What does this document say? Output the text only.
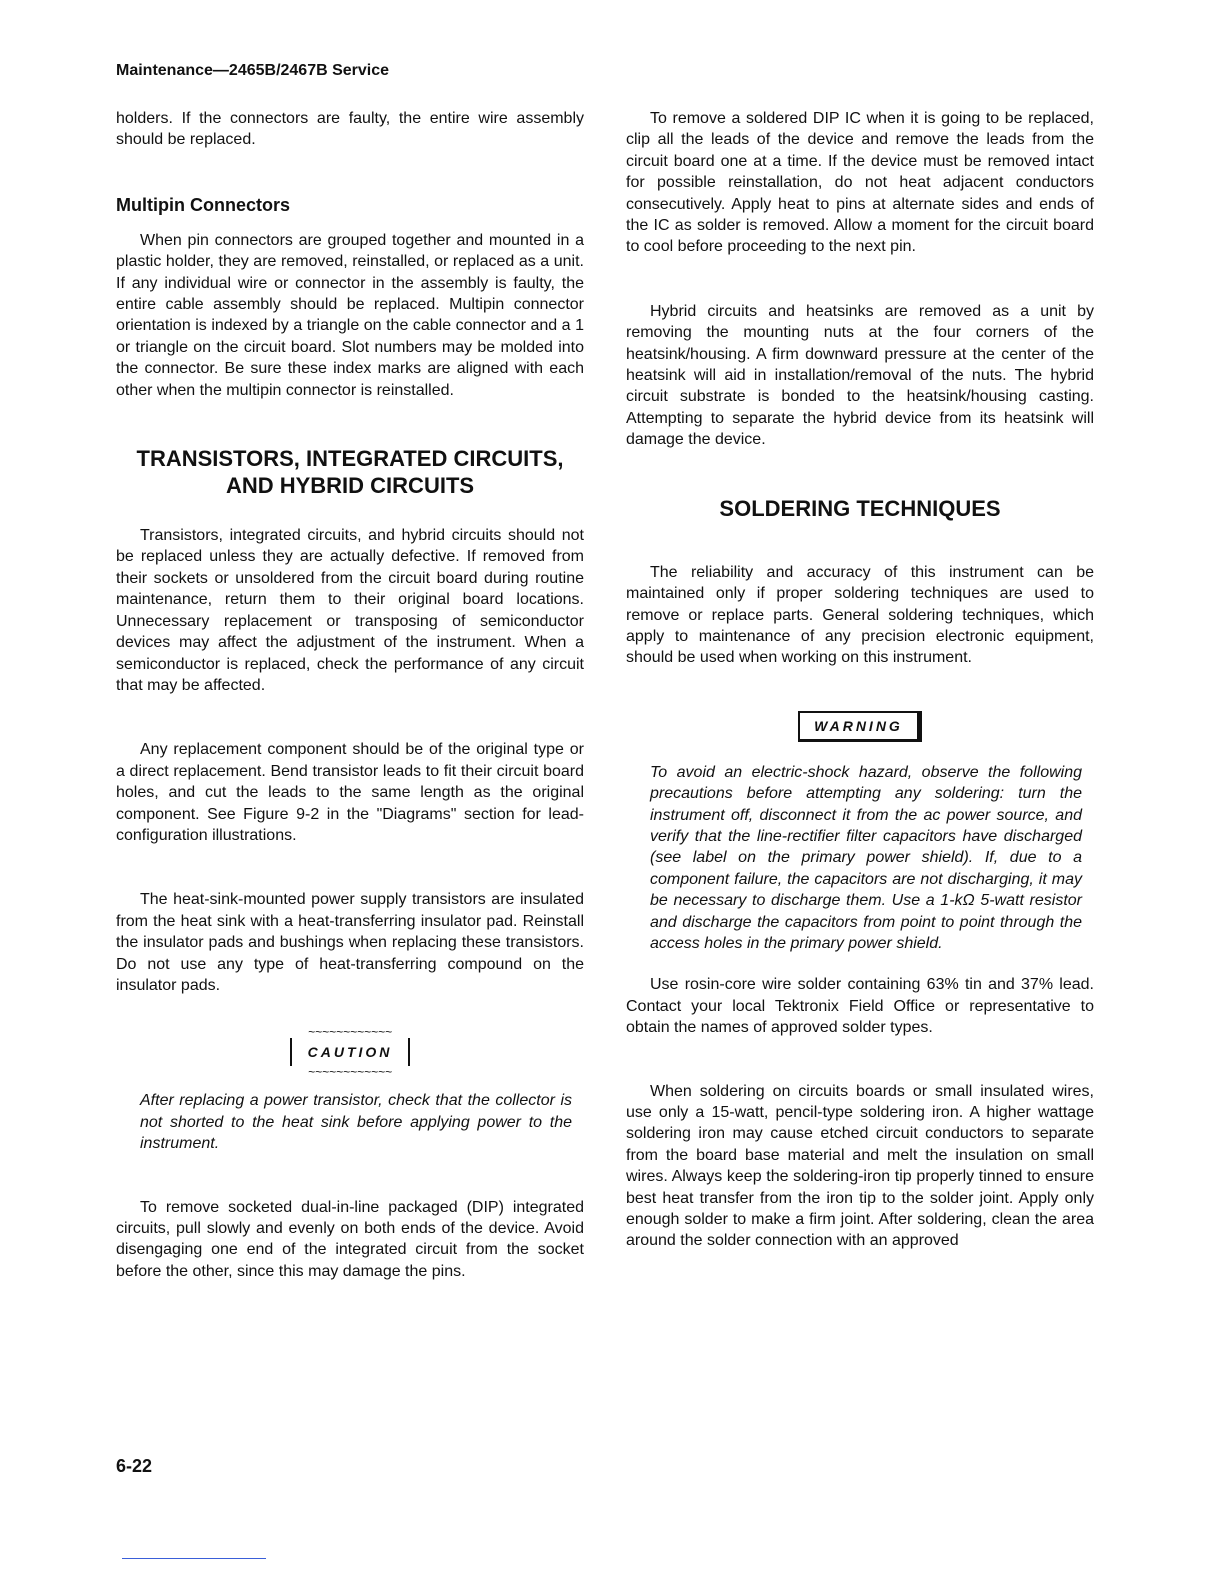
Maintenance—2465B/2467B Service

holders. If the connectors are faulty, the entire wire assembly should be replaced.

Multipin Connectors

When pin connectors are grouped together and mounted in a plastic holder, they are removed, reinstalled, or replaced as a unit. If any individual wire or connector in the assembly is faulty, the entire cable assembly should be replaced. Multipin connector orientation is indexed by a triangle on the cable connector and a 1 or triangle on the circuit board. Slot numbers may be molded into the connector. Be sure these index marks are aligned with each other when the multipin connector is reinstalled.

TRANSISTORS, INTEGRATED CIRCUITS,
AND HYBRID CIRCUITS

Transistors, integrated circuits, and hybrid circuits should not be replaced unless they are actually defective. If removed from their sockets or unsoldered from the circuit board during routine maintenance, return them to their original board locations. Unnecessary replacement or transposing of semiconductor devices may affect the adjustment of the instrument. When a semiconductor is replaced, check the performance of any circuit that may be affected.

Any replacement component should be of the original type or a direct replacement. Bend transistor leads to fit their circuit board holes, and cut the leads to the same length as the original component. See Figure 9-2 in the "Diagrams" section for lead-configuration illustrations.

The heat-sink-mounted power supply transistors are insulated from the heat sink with a heat-transferring insulator pad. Reinstall the insulator pads and bushings when replacing these transistors. Do not use any type of heat-transferring compound on the insulator pads.

~~~~~ CAUTION ~~~~~

After replacing a power transistor, check that the collector is not shorted to the heat sink before applying power to the instrument.

To remove socketed dual-in-line packaged (DIP) integrated circuits, pull slowly and evenly on both ends of the device. Avoid disengaging one end of the integrated circuit from the socket before the other, since this may damage the pins.

To remove a soldered DIP IC when it is going to be replaced, clip all the leads of the device and remove the leads from the circuit board one at a time. If the device must be removed intact for possible reinstallation, do not heat adjacent conductors consecutively. Apply heat to pins at alternate sides and ends of the IC as solder is removed. Allow a moment for the circuit board to cool before proceeding to the next pin.

Hybrid circuits and heatsinks are removed as a unit by removing the mounting nuts at the four corners of the heatsink/housing. A firm downward pressure at the center of the heatsink will aid in installation/removal of the nuts. The hybrid circuit substrate is bonded to the heatsink/housing casting. Attempting to separate the hybrid device from its heatsink will damage the device.

SOLDERING TECHNIQUES

The reliability and accuracy of this instrument can be maintained only if proper soldering techniques are used to remove or replace parts. General soldering techniques, which apply to maintenance of any precision electronic equipment, should be used when working on this instrument.

WARNING

To avoid an electric-shock hazard, observe the following precautions before attempting any soldering: turn the instrument off, disconnect it from the ac power source, and verify that the line-rectifier filter capacitors have discharged (see label on the primary power shield). If, due to a component failure, the capacitors are not discharging, it may be necessary to discharge them. Use a 1-kΩ 5-watt resistor and discharge the capacitors from point to point through the access holes in the primary power shield.

Use rosin-core wire solder containing 63% tin and 37% lead. Contact your local Tektronix Field Office or representative to obtain the names of approved solder types.

When soldering on circuits boards or small insulated wires, use only a 15-watt, pencil-type soldering iron. A higher wattage soldering iron may cause etched circuit conductors to separate from the board base material and melt the insulation on small wires. Always keep the soldering-iron tip properly tinned to ensure best heat transfer from the iron tip to the solder joint. Apply only enough solder to make a firm joint. After soldering, clean the area around the solder connection with an approved

6-22
